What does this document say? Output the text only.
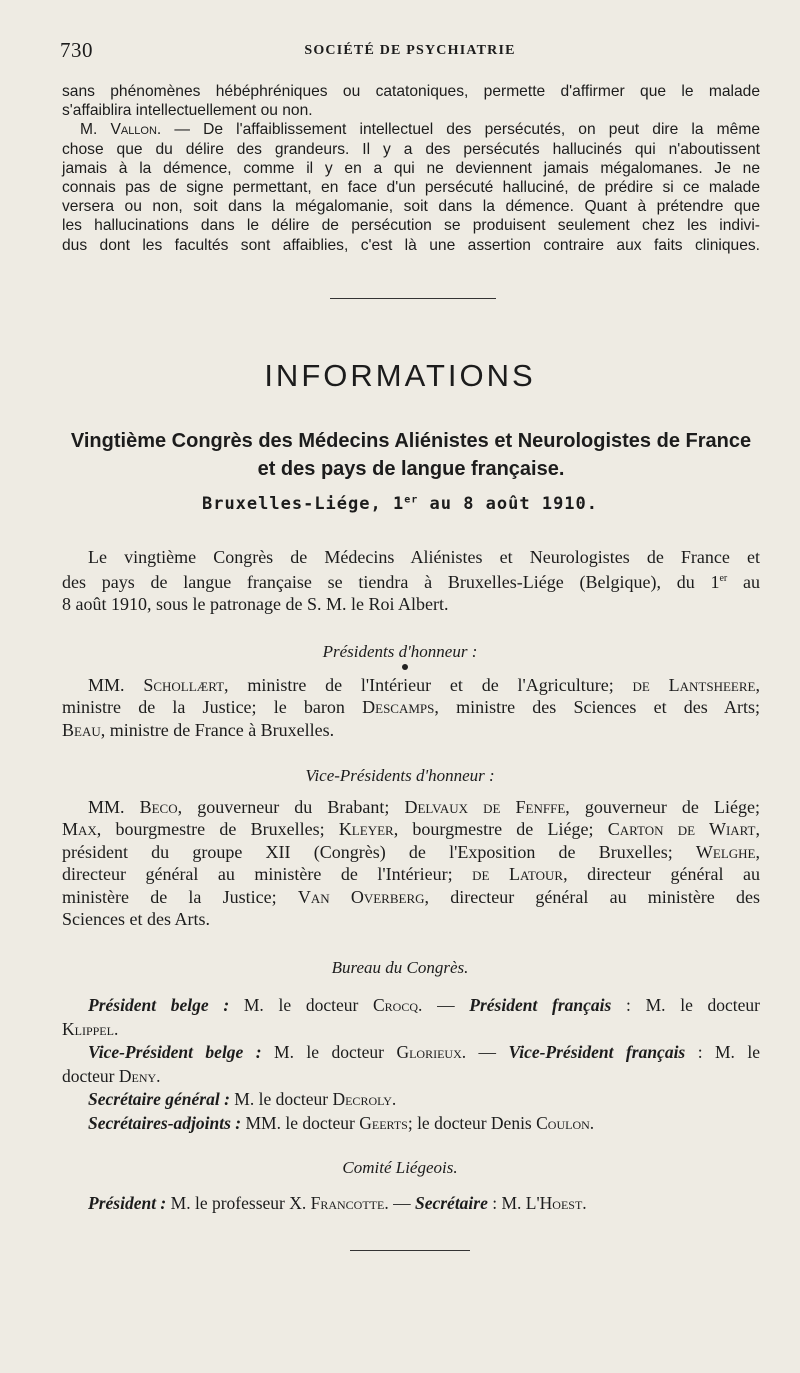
730	SOCIÉTÉ DE PSYCHIATRIE
sans phénomènes hébéphréniques ou catatoniques, permette d'affirmer que le malade
s'affaiblira intellectuellement ou non.
M. Vallon. — De l'affaiblissement intellectuel des persécutés, on peut dire la même
chose que du délire des grandeurs. Il y a des persécutés hallucinés qui n'aboutissent
jamais à la démence, comme il y en a qui ne deviennent jamais mégalomanes. Je ne
connais pas de signe permettant, en face d'un persécuté halluciné, de prédire si ce malade
versera ou non, soit dans la mégalomanie, soit dans la démence. Quant à prétendre que
les hallucinations dans le délire de persécution se produisent seulement chez les indivi-
dus dont les facultés sont affaiblies, c'est là une assertion contraire aux faits cliniques.
INFORMATIONS
Vingtième Congrès des Médecins Aliénistes et Neurologistes de France
et des pays de langue française.
Bruxelles-Liége, 1er au 8 août 1910.
Le vingtième Congrès de Médecins Aliénistes et Neurologistes de France et
des pays de langue française se tiendra à Bruxelles-Liége (Belgique), du 1er au
8 août 1910, sous le patronage de S. M. le Roi Albert.
Présidents d'honneur :
MM. Schollært, ministre de l'Intérieur et de l'Agriculture; de Lantsheere,
ministre de la Justice; le baron Descamps, ministre des Sciences et des Arts;
Beau, ministre de France à Bruxelles.
Vice-Présidents d'honneur :
MM. Beco, gouverneur du Brabant; Delvaux de Fenffe, gouverneur de Liége;
Max, bourgmestre de Bruxelles; Kleyer, bourgmestre de Liége; Carton de Wiart,
président du groupe XII (Congrès) de l'Exposition de Bruxelles; Welghe,
directeur général au ministère de l'Intérieur; de Latour, directeur général au
ministère de la Justice; Van Overberg, directeur général au ministère des
Sciences et des Arts.
Bureau du Congrès.
Président belge : M. le docteur Crocq. — Président français : M. le docteur
Klippel.
Vice-Président belge : M. le docteur Glorieux. — Vice-Président français : M. le
docteur Deny.
Secrétaire général : M. le docteur Decroly.
Secrétaires-adjoints : MM. le docteur Geerts; le docteur Denis Coulon.
Comité Liégeois.
Président : M. le professeur X. Francotte. — Secrétaire : M. L'Hoest.
